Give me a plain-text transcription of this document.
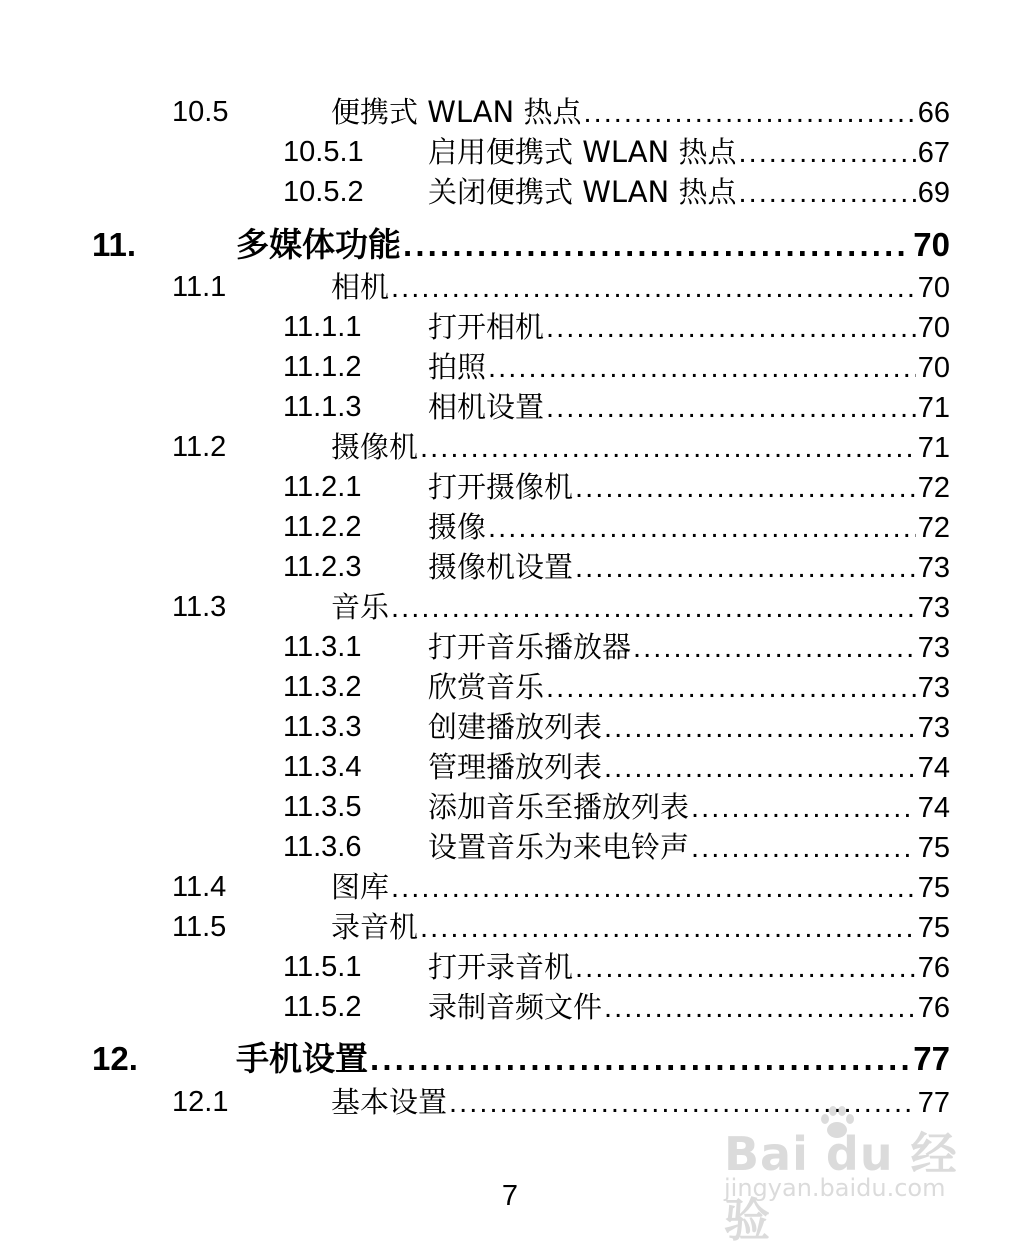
10.5	便携式 WLAN 热点 . . .	66
10.5.1 启用便携式 WLAN 热点 . . .	67
10.5.2 关闭便携式 WLAN 热点 . . .	69
11.	多媒体功能 . . .	70
11.1	相机 . . .	70
11.1.1 打开相机 . . .	70
11.1.2 拍照 . . .	70
11.1.3 相机设置 . . .	71
11.2	摄像机 . . .	71
11.2.1 打开摄像机 . . .	72
11.2.2 摄像 . . .	72
11.2.3 摄像机设置 . . .	73
11.3	音乐 . . .	73
11.3.1 打开音乐播放器 . . .	73
11.3.2 欣赏音乐 . . .	73
11.3.3 创建播放列表 . . .	73
11.3.4 管理播放列表 . . .	74
11.3.5 添加音乐至播放列表 . . .	74
11.3.6 设置音乐为来电铃声 . . .	75
11.4	图库 . . .	75
11.5	录音机 . . .	75
11.5.1 打开录音机 . . .	76
11.5.2 录制音频文件 . . .	76
12.	手机设置 . . .	77
12.1	基本设置 . . .	77
7
Bai du 经验
jingyan.baidu.com
